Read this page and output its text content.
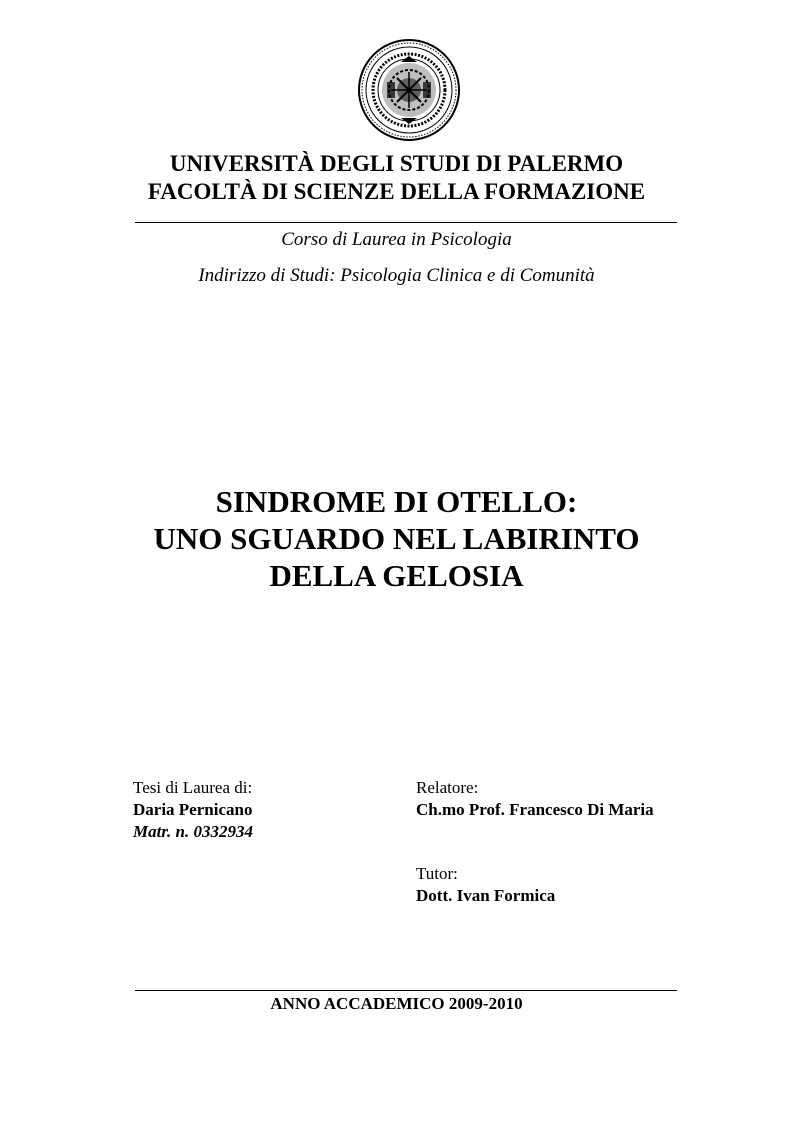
UNIVERSITÀ DEGLI STUDI DI PALERMO
FACOLTÀ DI SCIENZE DELLA FORMAZIONE
Corso di Laurea in Psicologia
Indirizzo di Studi: Psicologia Clinica e di Comunità
SINDROME DI OTELLO:
UNO SGUARDO NEL LABIRINTO
DELLA GELOSIA
Tesi di Laurea di:
Daria Pernicano
Matr. n. 0332934
Relatore:
Ch.mo Prof. Francesco Di Maria
Tutor:
Dott. Ivan Formica
ANNO ACCADEMICO 2009-2010
